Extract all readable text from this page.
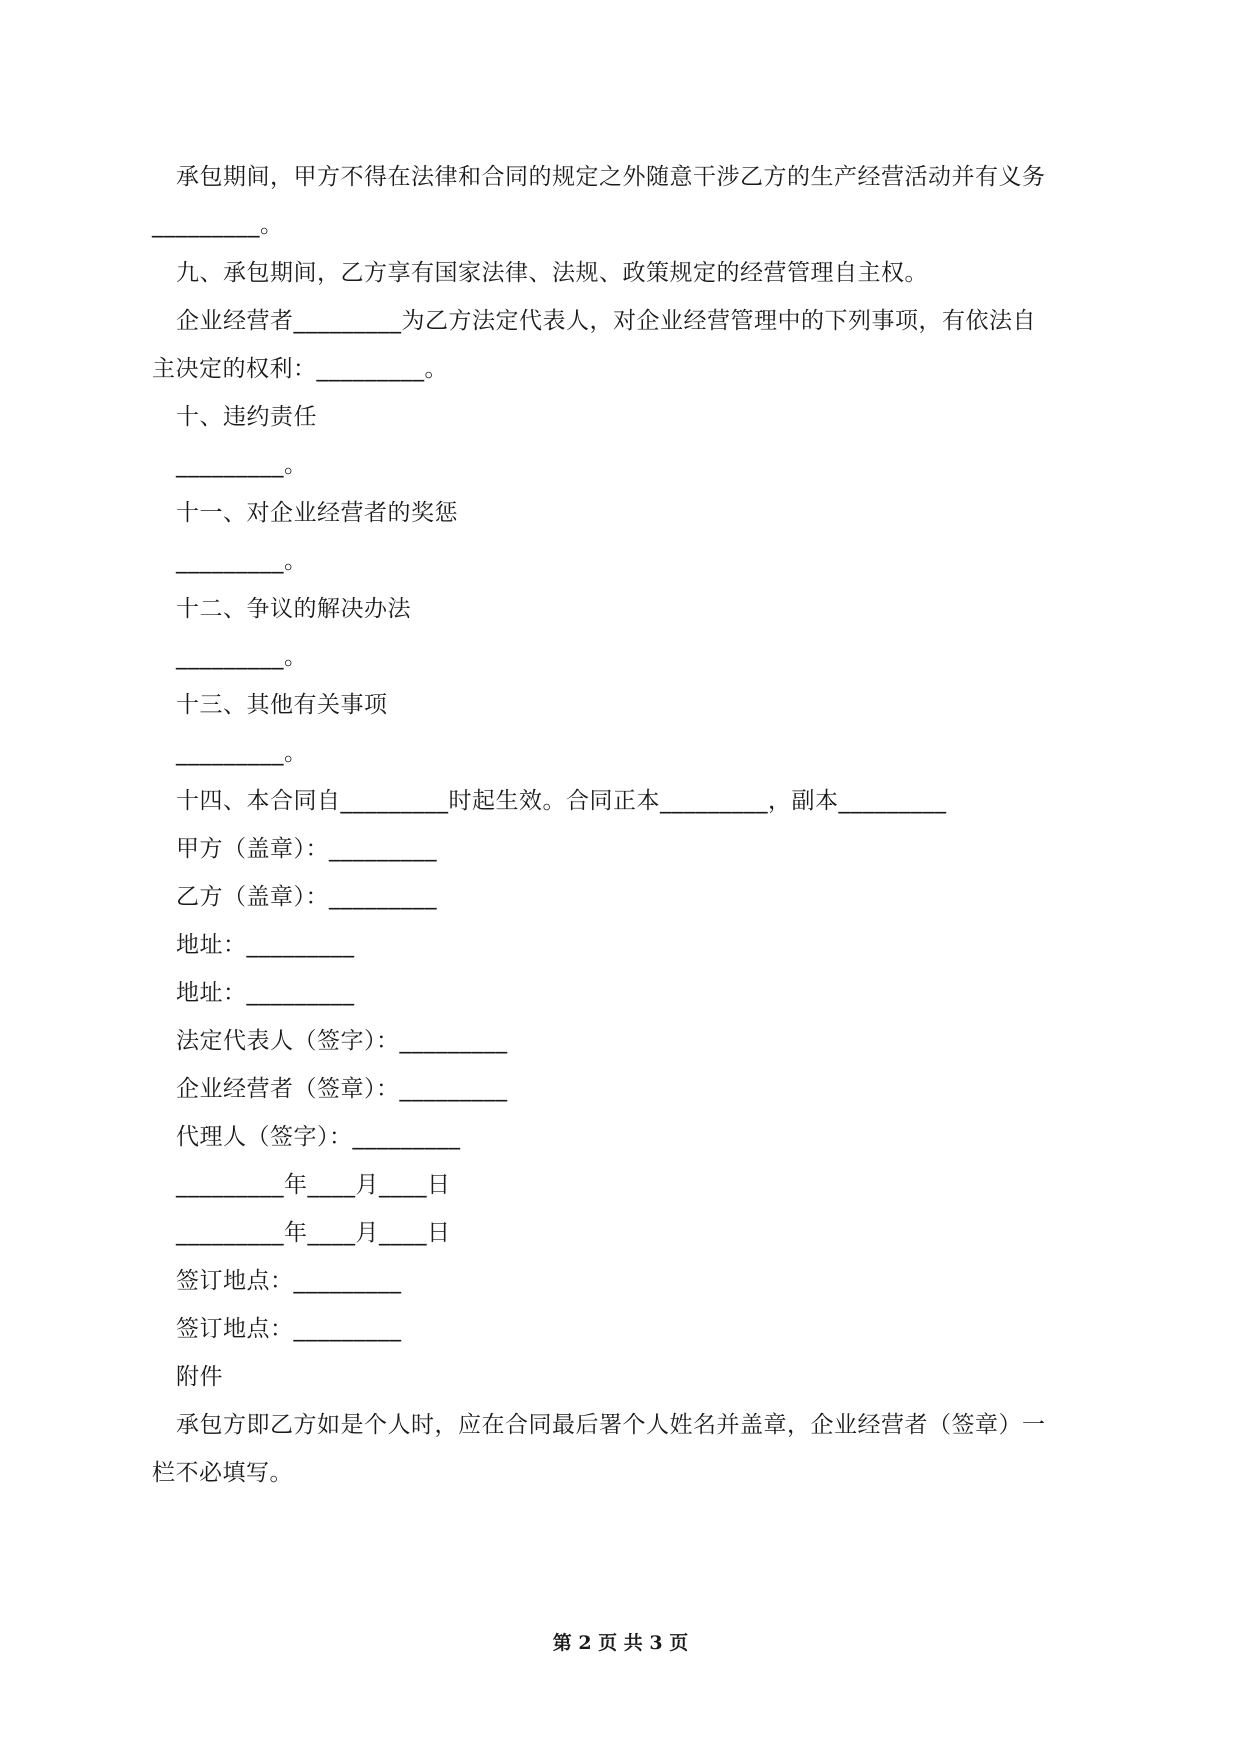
承包期间，甲方不得在法律和合同的规定之外随意干涉乙方的生产经营活动并有义务
_________。
九、承包期间，乙方享有国家法律、法规、政策规定的经营管理自主权。
企业经营者_________为乙方法定代表人，对企业经营管理中的下列事项，有依法自
主决定的权利：_________。
十、违约责任
_________。
十一、对企业经营者的奖惩
_________。
十二、争议的解决办法
_________。
十三、其他有关事项
_________。
十四、本合同自_________时起生效。合同正本_________，副本_________
甲方（盖章）：_________
乙方（盖章）：_________
地址：_________
地址：_________
法定代表人（签字）：_________
企业经营者（签章）：_________
代理人（签字）：_________
_________年____月____日
_________年____月____日
签订地点：_________
签订地点：_________
附件
承包方即乙方如是个人时，应在合同最后署个人姓名并盖章，企业经营者（签章）一
栏不必填写。
第 2 页 共 3 页
